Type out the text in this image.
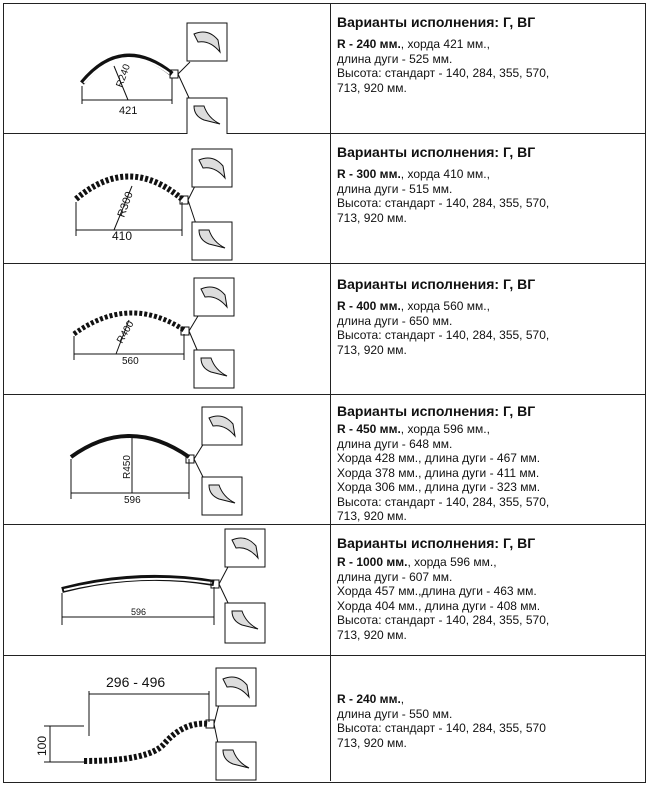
421
R240
Варианты исполнения: Г, ВГ
R - 240 мм., хорда 421 мм.,
длина дуги - 525 мм.
Высота: стандарт - 140, 284, 355, 570,
713, 920 мм.
410
R300
Варианты исполнения: Г, ВГ
R - 300 мм., хорда 410 мм.,
длина дуги - 515 мм.
Высота: стандарт - 140, 284, 355, 570,
713, 920 мм.
560
R400
Варианты исполнения: Г, ВГ
R - 400 мм., хорда 560 мм.,
длина дуги - 650 мм.
Высота: стандарт - 140, 284, 355, 570,
713, 920 мм.
596
R450
Варианты исполнения: Г, ВГ
R - 450 мм., хорда 596 мм.,
длина дуги - 648 мм.
Хорда 428 мм., длина дуги - 467 мм.
Хорда 378 мм., длина дуги - 411 мм.
Хорда 306 мм., длина дуги - 323 мм.
Высота: стандарт - 140, 284, 355, 570,
713, 920 мм.
596
Варианты исполнения: Г, ВГ
R - 1000 мм., хорда 596 мм.,
длина дуги - 607 мм.
Хорда 457 мм.,длина дуги - 463 мм.
Хорда 404 мм., длина дуги - 408 мм.
Высота: стандарт - 140, 284, 355, 570,
713, 920 мм.
296 - 496
100
R - 240 мм.,
длина дуги - 550 мм.
Высота: стандарт - 140, 284, 355, 570
713, 920 мм.
